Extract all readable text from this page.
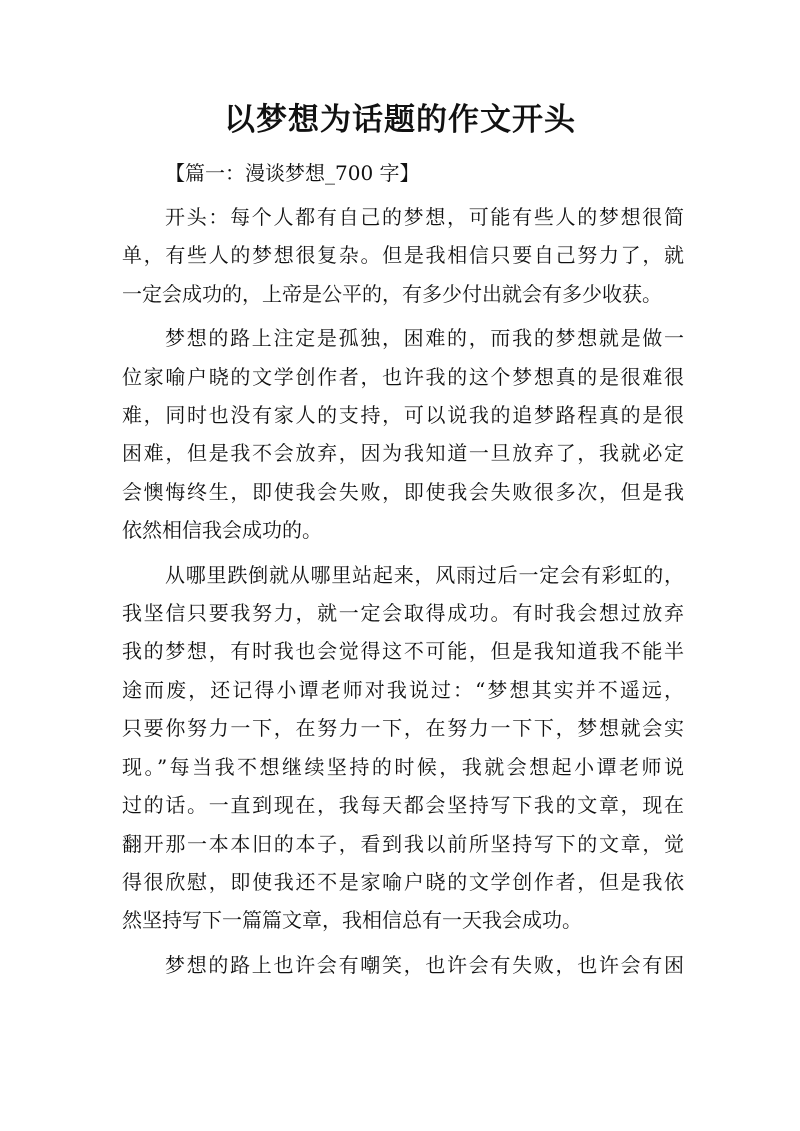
以梦想为话题的作文开头

【篇一：漫谈梦想_700 字】

开头：每个人都有自己的梦想，可能有些人的梦想很简
单，有些人的梦想很复杂。但是我相信只要自己努力了，就
一定会成功的，上帝是公平的，有多少付出就会有多少收获。

梦想的路上注定是孤独，困难的，而我的梦想就是做一
位家喻户晓的文学创作者，也许我的这个梦想真的是很难很
难，同时也没有家人的支持，可以说我的追梦路程真的是很
困难，但是我不会放弃，因为我知道一旦放弃了，我就必定
会懊悔终生，即使我会失败，即使我会失败很多次，但是我
依然相信我会成功的。

从哪里跌倒就从哪里站起来，风雨过后一定会有彩虹的，
我坚信只要我努力，就一定会取得成功。有时我会想过放弃
我的梦想，有时我也会觉得这不可能，但是我知道我不能半
途而废，还记得小谭老师对我说过：“梦想其实并不遥远，
只要你努力一下，在努力一下，在努力一下下，梦想就会实
现。”每当我不想继续坚持的时候，我就会想起小谭老师说
过的话。一直到现在，我每天都会坚持写下我的文章，现在
翻开那一本本旧的本子，看到我以前所坚持写下的文章，觉
得很欣慰，即使我还不是家喻户晓的文学创作者，但是我依
然坚持写下一篇篇文章，我相信总有一天我会成功。

梦想的路上也许会有嘲笑，也许会有失败，也许会有困
